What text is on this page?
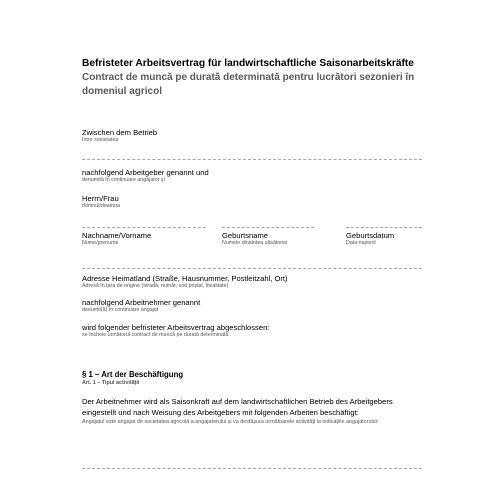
Befristeter Arbeitsvertrag für landwirtschaftliche Saisonarbeitskräfte
Contract de muncă pe durată determinată pentru lucrători sezonieri în domeniul agricol
Zwischen dem Betrieb
între societatea
nachfolgend Arbeitgeber genannt und
denumită în continuare angajator și
Herrn/Frau
domnul/doamna
Nachname/Vorname
Nume/prenume
Geburtsname
Numele dinaintea căsătoriei
Geburtsdatum
Data nașterii
Adresse Heimatland (Straße, Hausnummer, Postleitzahl, Ort)
Adresă în țara de origine (stradă, număr, cod poștal, localitate)
nachfolgend Arbeitnehmer genannt
denumit(ă) în continuare angajat
wird folgender befristeter Arbeitsvertrag abgeschlossen:
se încheie următorul contract de muncă pe durată determinată:
§ 1 – Art der Beschäftigung
Art. 1 – Tipul activității
Der Arbeitnehmer wird als Saisonkraft auf dem landwirtschaftlichen Betrieb des Arbeitgebers eingestellt und nach Weisung des Arbeitgebers mit folgenden Arbeiten beschäftigt:
Angajatul este angajat de societatea agricolă a angajatorului și va desfășura următoarele activități la indicațiile angajatorului:
